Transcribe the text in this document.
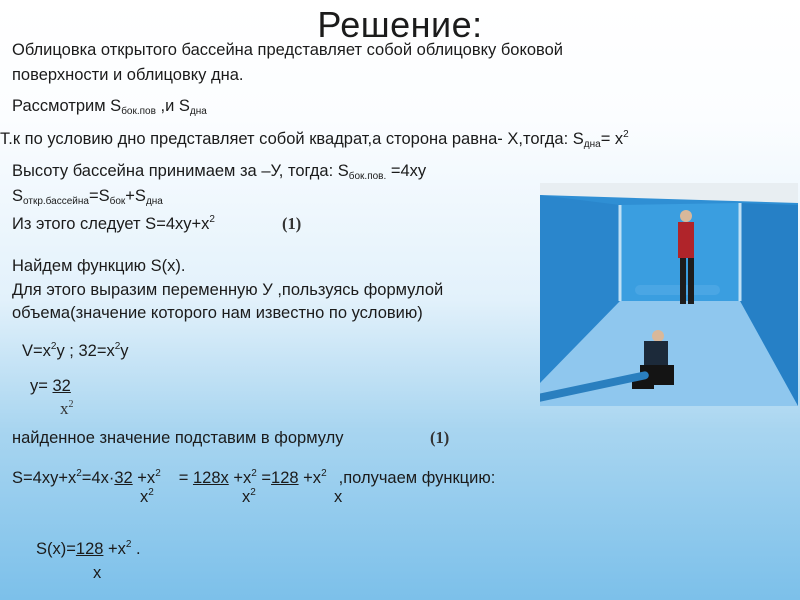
Решение:
Облицовка открытого бассейна представляет собой облицовку боковой
поверхности и облицовку дна.
Рассмотрим $S_{бок.пов}$ ,и $S_{дна}$
Т.к по условию дно представляет собой квадрат,а сторона равна- Х,тогда: $S_{дна}= х^2$
Высоту бассейна принимаем за –У, тогда: $S_{бок.пов.} =4ху$
$S_{откр.бассейна}=S_{бок}+S_{дна}$
Из этого следует $S=4ху+х^2$	(1)
Найдем функцию S(x).
Для этого выразим переменную У ,пользуясь формулой
объема(значение которого нам известно по условию)
$V=x^2y$ ; $32=x^2y$
y= 32
$x^2$
найденное значение подставим в формулу	(1)
$S=4xy+x^2=4x\cdot 32 +x^2 = 128x +x^2 =128 +x^2$ ,получаем функцию:
$x^2$	$x^2$	x
$S(x)=128 +x^2$ .
x
